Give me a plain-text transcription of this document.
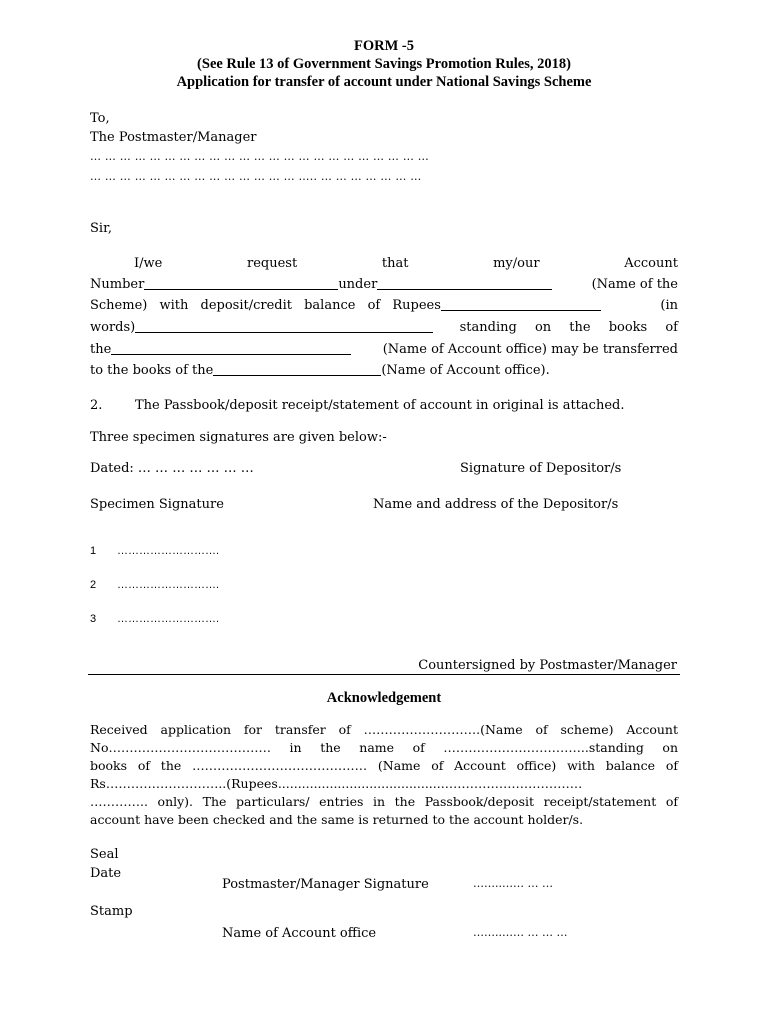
FORM -5
(See Rule 13 of Government Savings Promotion Rules, 2018)
Application for transfer of account under National Savings Scheme
To,
The Postmaster/Manager
… … … … … … … … … … … … … … … … … … … … … … …
… … … … … … … … … … … … … … ….. … … … … … … …
Sir,
I/we	request	that	my/our	Account
Number	under	(Name of the
Scheme) with deposit/credit balance of Rupees	(in
words)	standing on the books of
the	(Name of Account office) may be transferred
to the books of the	(Name of Account office).
2.	The Passbook/deposit receipt/statement of account in original is attached.
Three specimen signatures are given below:-
Dated: … … … … … … …	Signature of Depositor/s
Specimen Signature	Name and address of the Depositor/s
1 ……………………….
2 ……………………….
3 ……………………….
Countersigned by Postmaster/Manager
Acknowledgement
Received application for transfer of ……………………….(Name of scheme) Account
No………………………………… in the name of ……………………………..standing on
books of the …………………………………… (Name of Account office) with balance of
Rs………………………..(Rupees..........................................……………………………
………….. only). The particulars/ entries in the Passbook/deposit receipt/statement of
account have been checked and the same is returned to the account holder/s.
Seal
Date
Postmaster/Manager Signature	……..…… … …
Stamp
Name of Account office	……..…… … … …
